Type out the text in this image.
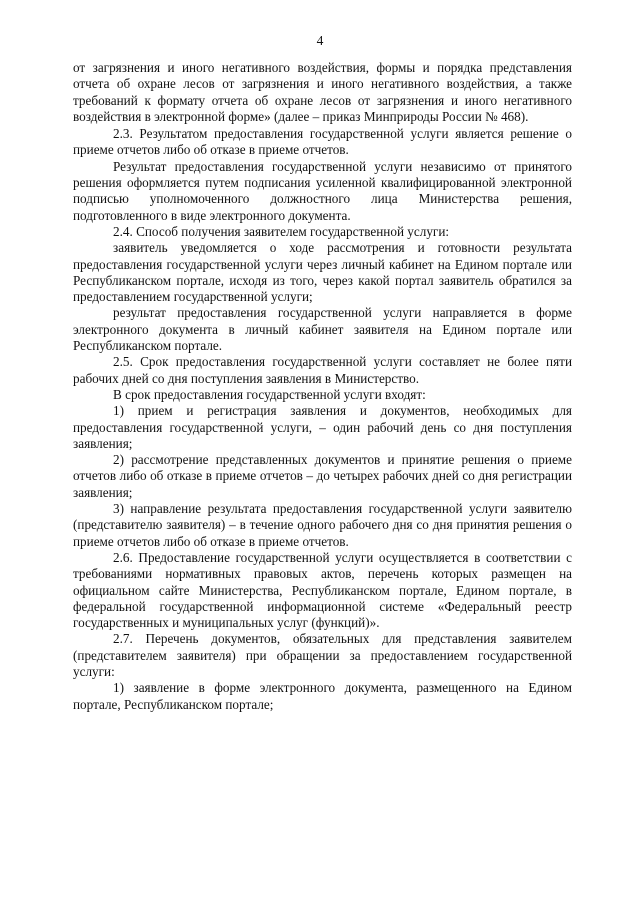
4

от загрязнения и иного негативного воздействия, формы и порядка представления отчета об охране лесов от загрязнения и иного негативного воздействия, а также требований к формату отчета об охране лесов от загрязнения и иного негативного воздействия в электронной форме» (далее – приказ Минприроды России № 468).

2.3. Результатом предоставления государственной услуги является решение о приеме отчетов либо об отказе в приеме отчетов.

Результат предоставления государственной услуги независимо от принятого решения оформляется путем подписания усиленной квалифицированной электронной подписью уполномоченного должностного лица Министерства решения, подготовленного в виде электронного документа.

2.4. Способ получения заявителем государственной услуги:

заявитель уведомляется о ходе рассмотрения и готовности результата предоставления государственной услуги через личный кабинет на Едином портале или Республиканском портале, исходя из того, через какой портал заявитель обратился за предоставлением государственной услуги;

результат предоставления государственной услуги направляется в форме электронного документа в личный кабинет заявителя на Едином портале или Республиканском портале.

2.5. Срок предоставления государственной услуги составляет не более пяти рабочих дней со дня поступления заявления в Министерство.

В срок предоставления государственной услуги входят:

1) прием и регистрация заявления и документов, необходимых для предоставления государственной услуги, – один рабочий день со дня поступления заявления;

2) рассмотрение представленных документов и принятие решения о приеме отчетов либо об отказе в приеме отчетов – до четырех рабочих дней со дня регистрации заявления;

3) направление результата предоставления государственной услуги заявителю (представителю заявителя) – в течение одного рабочего дня со дня принятия решения о приеме отчетов либо об отказе в приеме отчетов.

2.6. Предоставление государственной услуги осуществляется в соответствии с требованиями нормативных правовых актов, перечень которых размещен на официальном сайте Министерства, Республиканском портале, Едином портале, в федеральной государственной информационной системе «Федеральный реестр государственных и муниципальных услуг (функций)».

2.7. Перечень документов, обязательных для представления заявителем (представителем заявителя) при обращении за предоставлением государственной услуги:

1) заявление в форме электронного документа, размещенного на Едином портале, Республиканском портале;
